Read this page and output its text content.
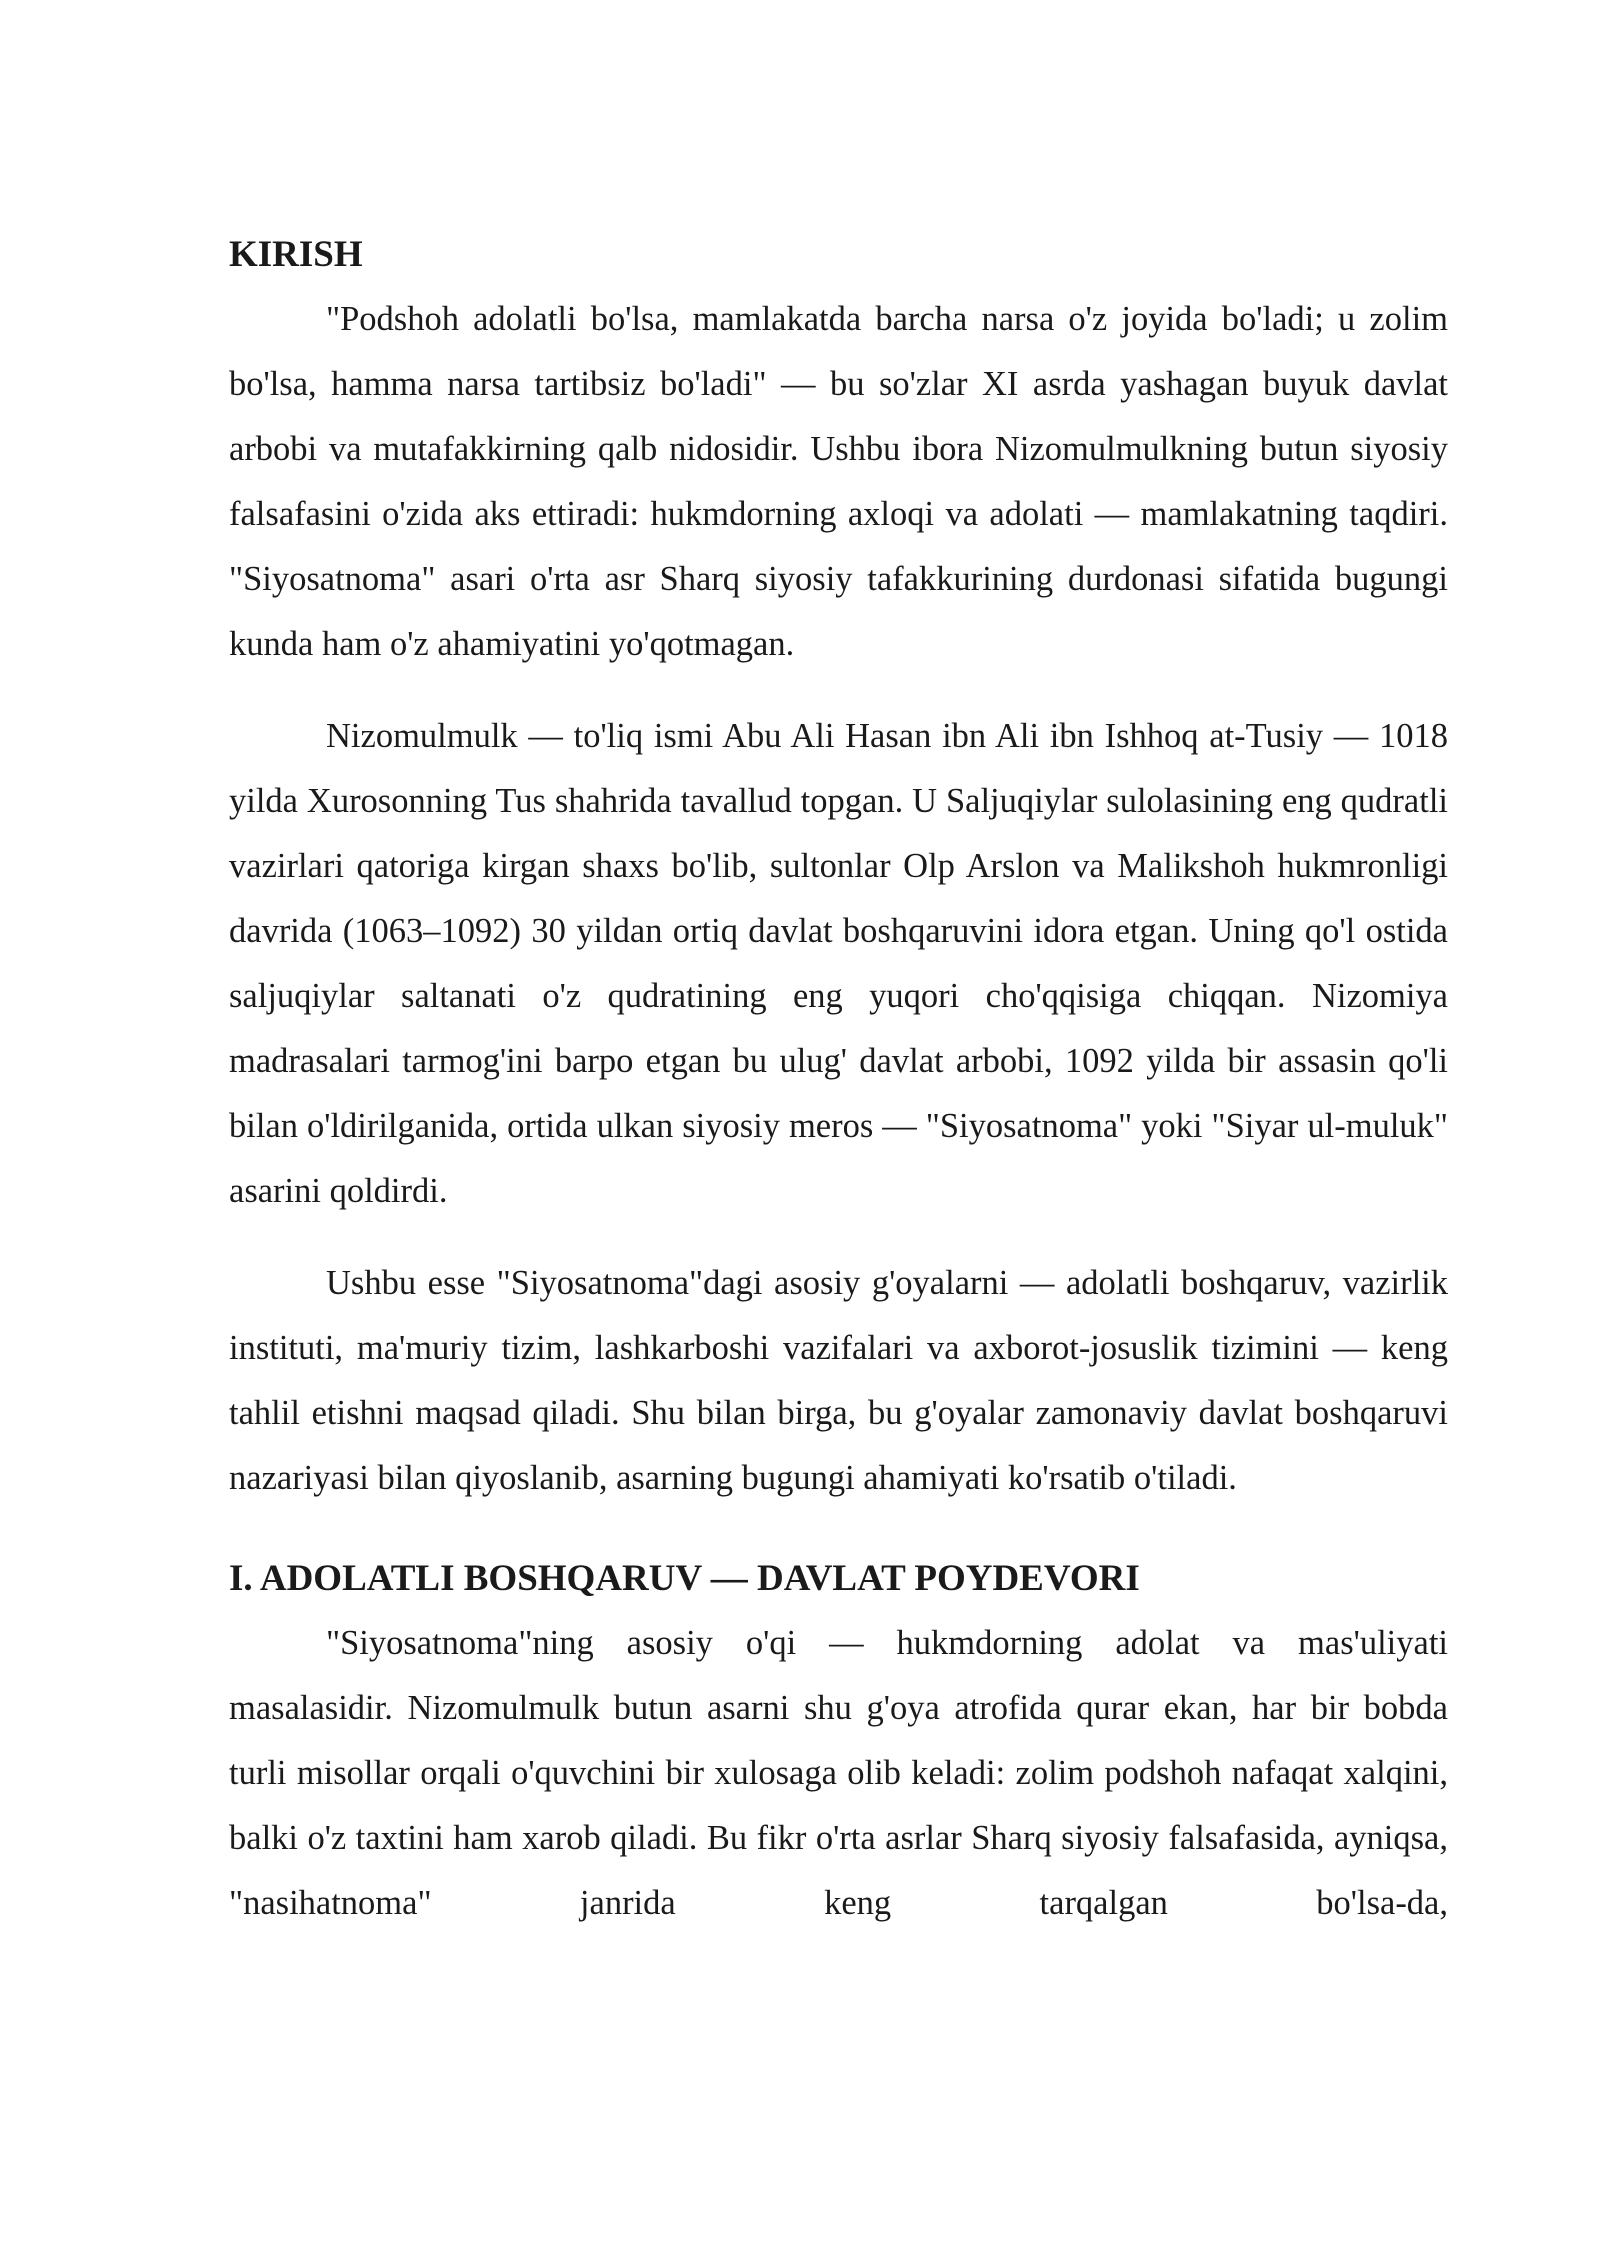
KIRISH

"Podshoh adolatli bo'lsa, mamlakatda barcha narsa o'z joyida bo'ladi; u zolim bo'lsa, hamma narsa tartibsiz bo'ladi" — bu so'zlar XI asrda yashagan buyuk davlat arbobi va mutafakkirning qalb nidosidir. Ushbu ibora Nizomulmulkning butun siyosiy falsafasini o'zida aks ettiradi: hukmdorning axloqi va adolati — mamlakatning taqdiri. "Siyosatnoma" asari o'rta asr Sharq siyosiy tafakkurining durdonasi sifatida bugungi kunda ham o'z ahamiyatini yo'qotmagan.

Nizomulmulk — to'liq ismi Abu Ali Hasan ibn Ali ibn Ishhoq at-Tusiy — 1018 yilda Xurosonning Tus shahrida tavallud topgan. U Saljuqiylar sulolasining eng qudratli vazirlari qatoriga kirgan shaxs bo'lib, sultonlar Olp Arslon va Malikshoh hukmronligi davrida (1063–1092) 30 yildan ortiq davlat boshqaruvini idora etgan. Uning qo'l ostida saljuqiylar saltanati o'z qudratining eng yuqori cho'qqisiga chiqqan. Nizomiya madrasalari tarmog'ini barpo etgan bu ulug' davlat arbobi, 1092 yilda bir assasin qo'li bilan o'ldirilganida, ortida ulkan siyosiy meros — "Siyosatnoma" yoki "Siyar ul-muluk" asarini qoldirdi.

Ushbu esse "Siyosatnoma"dagi asosiy g'oyalarni — adolatli boshqaruv, vazirlik instituti, ma'muriy tizim, lashkarboshi vazifalari va axborot-josuslik tizimini — keng tahlil etishni maqsad qiladi. Shu bilan birga, bu g'oyalar zamonaviy davlat boshqaruvi nazariyasi bilan qiyoslanib, asarning bugungi ahamiyati ko'rsatib o'tiladi.

I. ADOLATLI BOSHQARUV — DAVLAT POYDEVORI

"Siyosatnoma"ning asosiy o'qi — hukmdorning adolat va mas'uliyati masalasidir. Nizomulmulk butun asarni shu g'oya atrofida qurar ekan, har bir bobda turli misollar orqali o'quvchini bir xulosaga olib keladi: zolim podshoh nafaqat xalqini, balki o'z taxtini ham xarob qiladi. Bu fikr o'rta asrlar Sharq siyosiy falsafasida, ayniqsa, "nasihatnoma" janrida keng tarqalgan bo'lsa-da,
